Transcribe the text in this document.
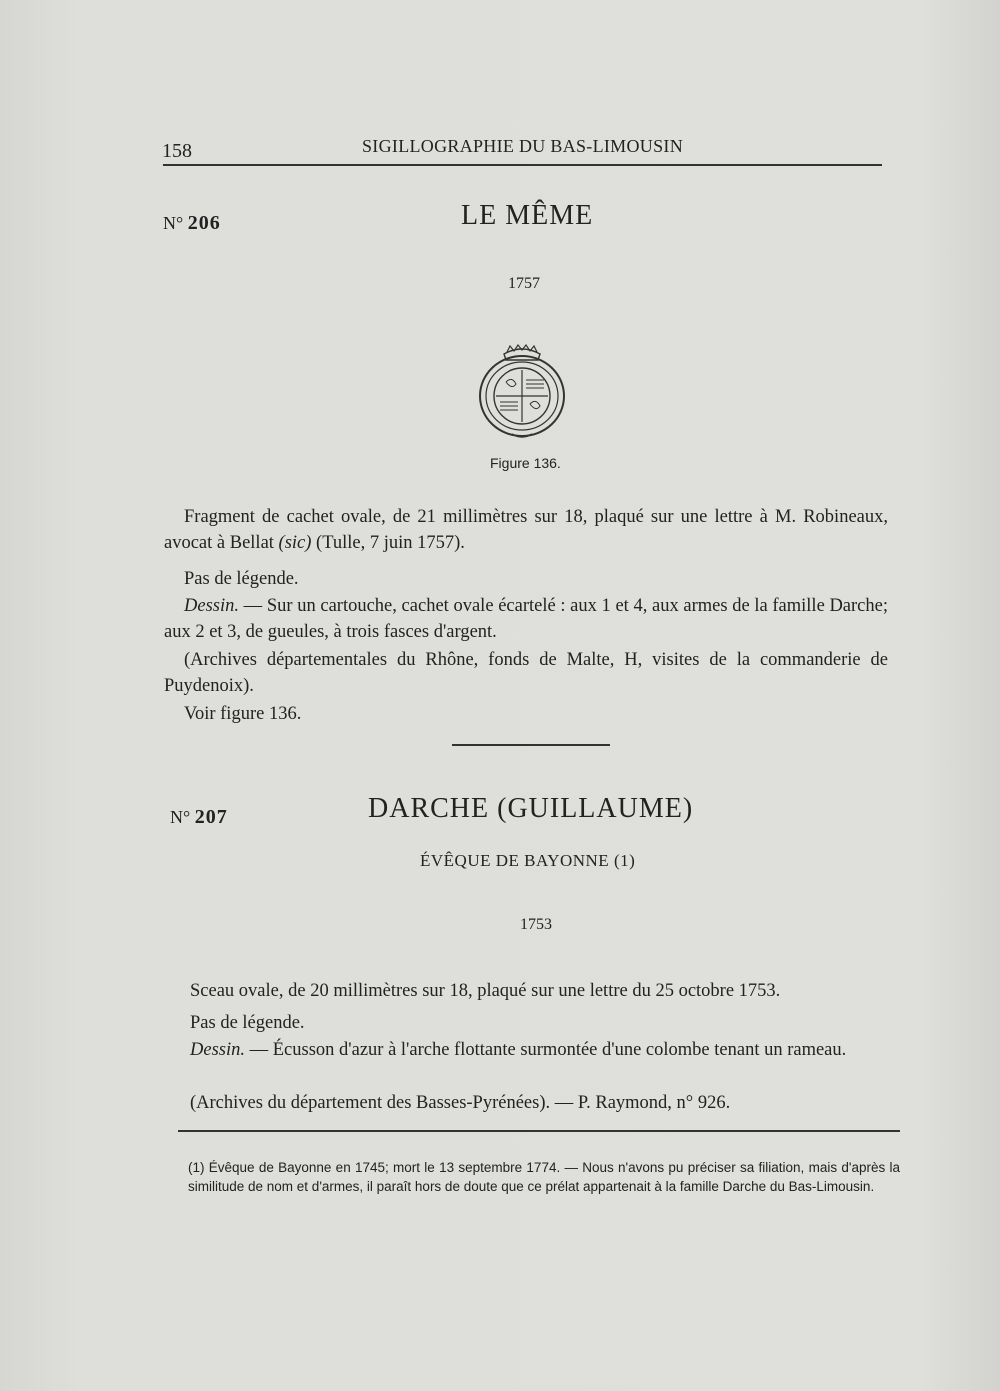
158	SIGILLOGRAPHIE DU BAS-LIMOUSIN
N° 206	LE MÊME
1757
Figure 136.
Fragment de cachet ovale, de 21 millimètres sur 18, plaqué sur une lettre à M. Robineaux, avocat à Bellat (sic) (Tulle, 7 juin 1757).
Pas de légende.
Dessin. — Sur un cartouche, cachet ovale écartelé : aux 1 et 4, aux armes de la famille Darche; aux 2 et 3, de gueules, à trois fasces d'argent.
(Archives départementales du Rhône, fonds de Malte, H, visites de la commanderie de Puydenoix).
Voir figure 136.
N° 207	DARCHE (GUILLAUME)
ÉVÊQUE DE BAYONNE (1)
1753
Sceau ovale, de 20 millimètres sur 18, plaqué sur une lettre du 25 octobre 1753.
Pas de légende.
Dessin. — Écusson d'azur à l'arche flottante surmontée d'une colombe tenant un rameau.
(Archives du département des Basses-Pyrénées). — P. Raymond, n° 926.
(1) Évêque de Bayonne en 1745; mort le 13 septembre 1774. — Nous n'avons pu préciser sa filiation, mais d'après la similitude de nom et d'armes, il paraît hors de doute que ce prélat appartenait à la famille Darche du Bas-Limousin.
